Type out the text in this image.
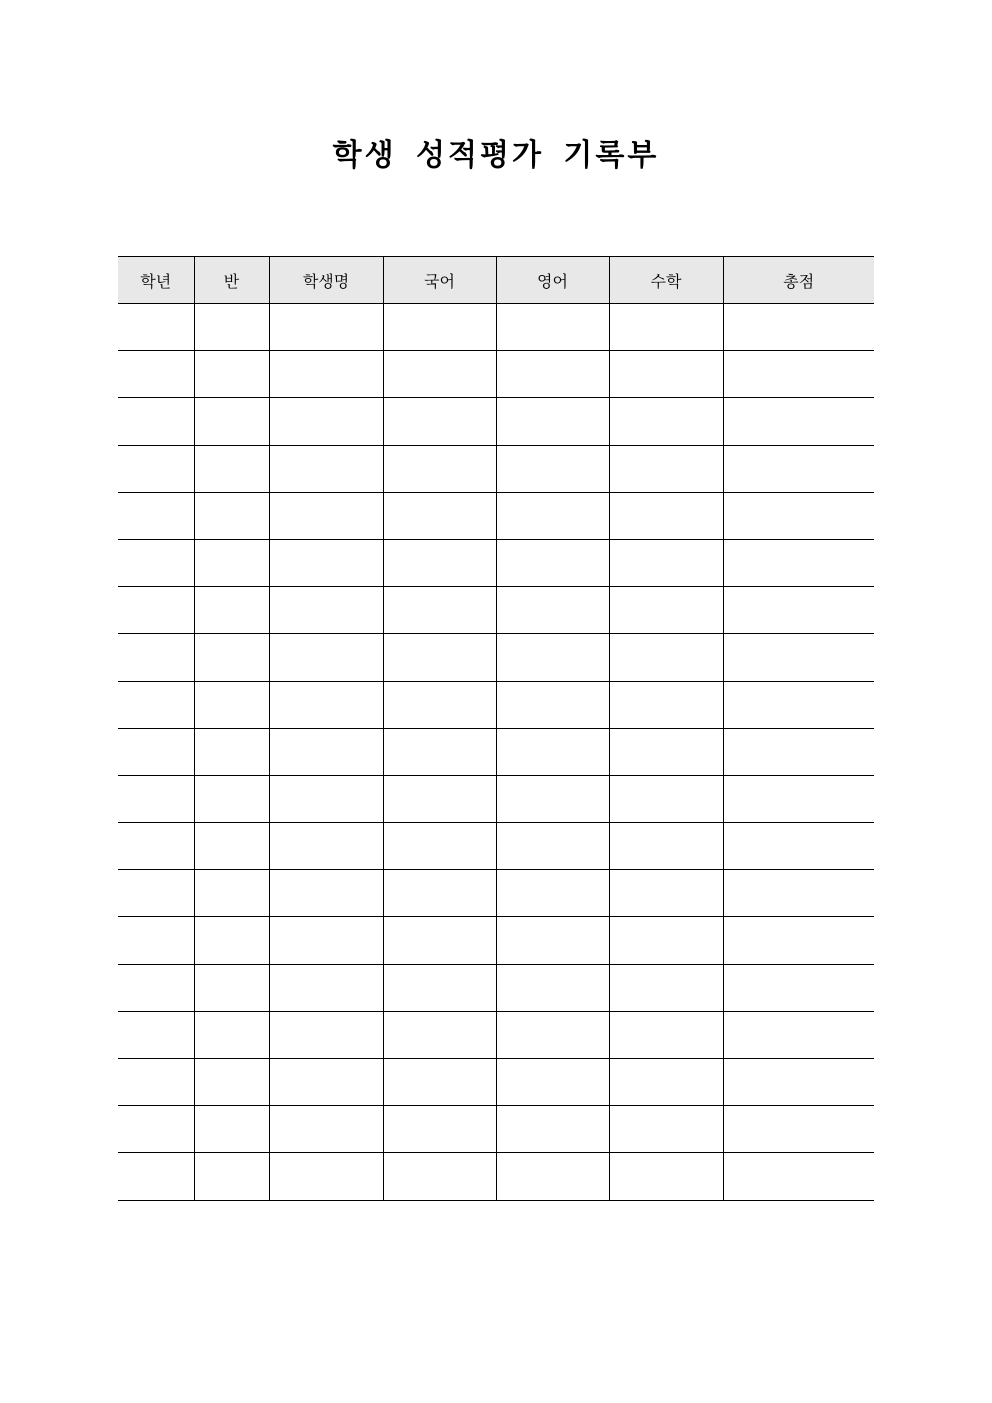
학생 성적평가 기록부
학년	반	학생명	국어	영어	수학	총점
